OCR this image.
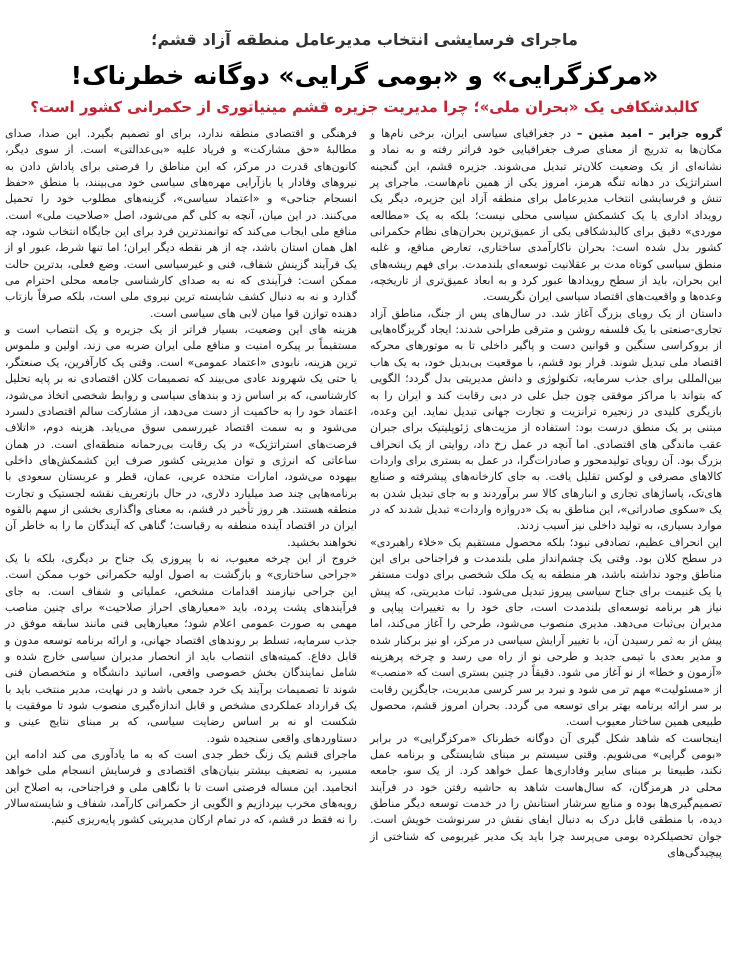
ماجرای فرسایشی انتخاب مدیرعامل منطقه آزاد قشم؛
«مرکزگرایی» و «بومی گرایی» دوگانه خطرناک!
کالبدشکافی یک «بحران ملی»؛ چرا مدیریت جزیره قشم مینیاتوری از حکمرانی کشور است؟

گروه جزایر – امید متین – در جغرافیای سیاسی ایران، برخی نام‌ها و مکان‌ها به تدریج از معنای صرف جغرافیایی خود فراتر رفته و به نماد و نشانه‌ای از یک وضعیت کلان‌تر تبدیل می‌شوند. جزیره قشم، این گنجینه استراتژیک در دهانه تنگه هرمز، امروز یکی از همین نام‌هاست. ماجرای پر تنش و فرسایشی انتخاب مدیرعامل برای منطقه آزاد این جزیره، دیگر یک رویداد اداری یا یک کشمکش سیاسی محلی نیست؛ بلکه به یک «مطالعه موردی» دقیق برای کالبدشکافی یکی از عمیق‌ترین بحران‌های نظام حکمرانی کشور بدل شده است: بحران ناکارآمدی ساختاری، تعارض منافع، و غلبه منطق سیاسی کوتاه مدت بر عقلانیت توسعه‌ای بلندمدت. برای فهم ریشه‌های این بحران، باید از سطح رویدادها عبور کرد و به ابعاد عمیق‌تری از تاریخچه، وعده‌ها و واقعیت‌های اقتصاد سیاسی ایران نگریست.

داستان از یک رویای بزرگ آغاز شد. در سال‌های پس از جنگ، مناطق آزاد تجاری-صنعتی با یک فلسفه روشن و مترقی طراحی شدند: ایجاد گریزگاه‌هایی از بروکراسی سنگین و قوانین دست و پاگیر داخلی تا به موتورهای محرکه اقتصاد ملی تبدیل شوند. قرار بود قشم، با موقعیت بی‌بدیل خود، به یک هاب بین‌المللی برای جذب سرمایه، تکنولوژی و دانش مدیریتی بدل گردد؛ الگویی که بتواند با مراکز موفقی چون جبل علی در دبی رقابت کند و ایران را به بازیگری کلیدی در زنجیره ترانزیت و تجارت جهانی تبدیل نماید. این وعده، مبتنی بر یک منطق درست بود: استفاده از مزیت‌های ژئوپلیتیک برای جبران عقب ماندگی های اقتصادی. اما آنچه در عمل رخ داد، روایتی از یک انحراف بزرگ بود. آن رویای تولیدمحور و صادرات‌گرا، در عمل به بستری برای واردات کالاهای مصرفی و لوکس تقلیل یافت. به جای کارخانه‌های پیشرفته و صنایع های‌تک، پاساژهای تجاری و انبارهای کالا سر برآوردند و به جای تبدیل شدن به یک «سکوی صادراتی»، این مناطق به یک «دروازه واردات» تبدیل شدند که در موارد بسیاری، به تولید داخلی نیز آسیب زدند.

این انحراف عظیم، تصادفی نبود؛ بلکه محصول مستقیم یک «خلاء راهبردی» در سطح کلان بود. وقتی یک چشم‌انداز ملی بلندمدت و فراجناحی برای این مناطق وجود نداشته باشد، هر منطقه به یک ملک شخصی برای دولت مستقر یا یک غنیمت برای جناح سیاسی پیروز تبدیل می‌شود. ثبات مدیریتی، که پیش نیاز هر برنامه توسعه‌ای بلندمدت است، جای خود را به تغییرات پیاپی و مدیران بی‌ثبات می‌دهد. مدیری منصوب می‌شود، طرحی را آغاز می‌کند، اما پیش از به ثمر رسیدن آن، با تغییر آرایش سیاسی در مرکز، او نیز برکنار شده و مدیر بعدی با تیمی جدید و طرحی نو از راه می رسد و چرخه پرهزینه «آزمون و خطا» از نو آغاز می شود. دقیقاً در چنین بستری است که «منصب» از «مسئولیت» مهم تر می شود و نبرد بر سر کرسی مدیریت، جایگزین رقابت بر سر ارائه برنامه بهتر برای توسعه می گردد. بحران امروز قشم، محصول طبیعی همین ساختار معیوب است.

اینجاست که شاهد شکل گیری آن دوگانه خطرناک «مرکزگرایی» در برابر «بومی گرایی» می‌شویم. وقتی سیستم بر مبنای شایستگی و برنامه عمل نکند، طبیعتا بر مبنای سایر وفاداری‌ها عمل خواهد کرد. از یک سو، جامعه محلی در هرمزگان، که سال‌هاست شاهد به حاشیه رفتن خود در فرآیند تصمیم‌گیری‌ها بوده و منابع سرشار استانش را در خدمت توسعه دیگر مناطق دیده، با منطقی قابل درک به دنبال ایفای نقش در سرنوشت خویش است. جوان تحصیلکرده بومی می‌پرسد چرا باید یک مدیر غیربومی که شناختی از پیچیدگی‌های

فرهنگی و اقتصادی منطقه ندارد، برای او تصمیم بگیرد. این صدا، صدای مطالبهٔ «حق مشارکت» و فریاد علیه «بی‌عدالتی» است. از سوی دیگر، کانون‌های قدرت در مرکز، که این مناطق را فرصتی برای پاداش دادن به نیروهای وفادار یا بازآرایی مهره‌های سیاسی خود می‌بینند، با منطق «حفظ انسجام جناحی» و «اعتماد سیاسی»، گزینه‌های مطلوب خود را تحمیل می‌کنند. در این میان، آنچه به کلی گم می‌شود، اصل «صلاحیت ملی» است. منافع ملی ایجاب می‌کند که توانمندترین فرد برای این جایگاه انتخاب شود، چه اهل همان استان باشد، چه از هر نقطه دیگر ایران؛ اما تنها شرط، عبور او از یک فرآیند گزینش شفاف، فنی و غیرسیاسی است. وضع فعلی، بدترین حالت ممکن است: فرآیندی که نه به صدای کارشناسی جامعه محلی احترام می گذارد و نه به دنبال کشف شایسته ترین نیروی ملی است، بلکه صرفاً بازتاب دهنده توازن قوا میان لابی های سیاسی است.

هزینه های این وضعیت، بسیار فراتر از یک جزیره و یک انتصاب است و مستقیماً بر پیکره امنیت و منافع ملی ایران ضربه می زند. اولین و ملموس ترین هزینه، نابودی «اعتماد عمومی» است. وقتی یک کارآفرین، یک صنعتگر، یا حتی یک شهروند عادی می‌بیند که تصمیمات کلان اقتصادی نه بر پایه تحلیل کارشناسی، که بر اساس زد و بندهای سیاسی و روابط شخصی اتخاذ می‌شود، اعتماد خود را به حاکمیت از دست می‌دهد، از مشارکت سالم اقتصادی دلسرد می‌شود و به سمت اقتصاد غیررسمی سوق می‌یابد. هزینه دوم، «اتلاف فرصت‌های استراتژیک» در یک رقابت بی‌رحمانه منطقه‌ای است. در همان ساعاتی که انرژی و توان مدیریتی کشور صرف این کشمکش‌های داخلی بیهوده می‌شود، امارات متحده عربی، عمان، قطر و عربستان سعودی با برنامه‌هایی چند صد میلیارد دلاری، در حال بازتعریف نقشه لجستیک و تجارت منطقه هستند. هر روز تأخیر در قشم، به معنای واگذاری بخشی از سهم بالقوه ایران در اقتصاد آینده منطقه به رقباست؛ گناهی که آیندگان ما را به خاطر آن نخواهند بخشید.

خروج از این چرخه معیوب، نه با پیروزی یک جناح بر دیگری، بلکه با یک «جراحی ساختاری» و بازگشت به اصول اولیه حکمرانی خوب ممکن است. این جراحی نیازمند اقدامات مشخص، عملیاتی و شفاف است. به جای فرآیندهای پشت پرده، باید «معیارهای احراز صلاحیت» برای چنین مناصب مهمی به صورت عمومی اعلام شود؛ معیارهایی فنی مانند سابقه موفق در جذب سرمایه، تسلط بر روندهای اقتصاد جهانی، و ارائه برنامه توسعه مدون و قابل دفاع. کمیته‌های انتصاب باید از انحصار مدیران سیاسی خارج شده و شامل نمایندگان بخش خصوصی واقعی، اساتید دانشگاه و متخصصان فنی شوند تا تصمیمات برآیند یک خرد جمعی باشد و در نهایت، مدیر منتخب باید با یک قرارداد عملکردی مشخص و قابل اندازه‌گیری منصوب شود تا موفقیت یا شکست او نه بر اساس رضایت سیاسی، که بر مبنای نتایج عینی و دستاوردهای واقعی سنجیده شود.

ماجرای قشم یک زنگ خطر جدی است که به ما یادآوری می کند ادامه این مسیر، به تضعیف بیشتر بنیان‌های اقتصادی و فرسایش انسجام ملی خواهد انجامید. این مساله فرصتی است تا با نگاهی ملی و فراجناحی، به اصلاح این رویه‌های مخرب بپردازیم و الگویی از حکمرانی کارآمد، شفاف و شایسته‌سالار را نه فقط در قشم، که در تمام ارکان مدیریتی کشور پایه‌ریزی کنیم.
